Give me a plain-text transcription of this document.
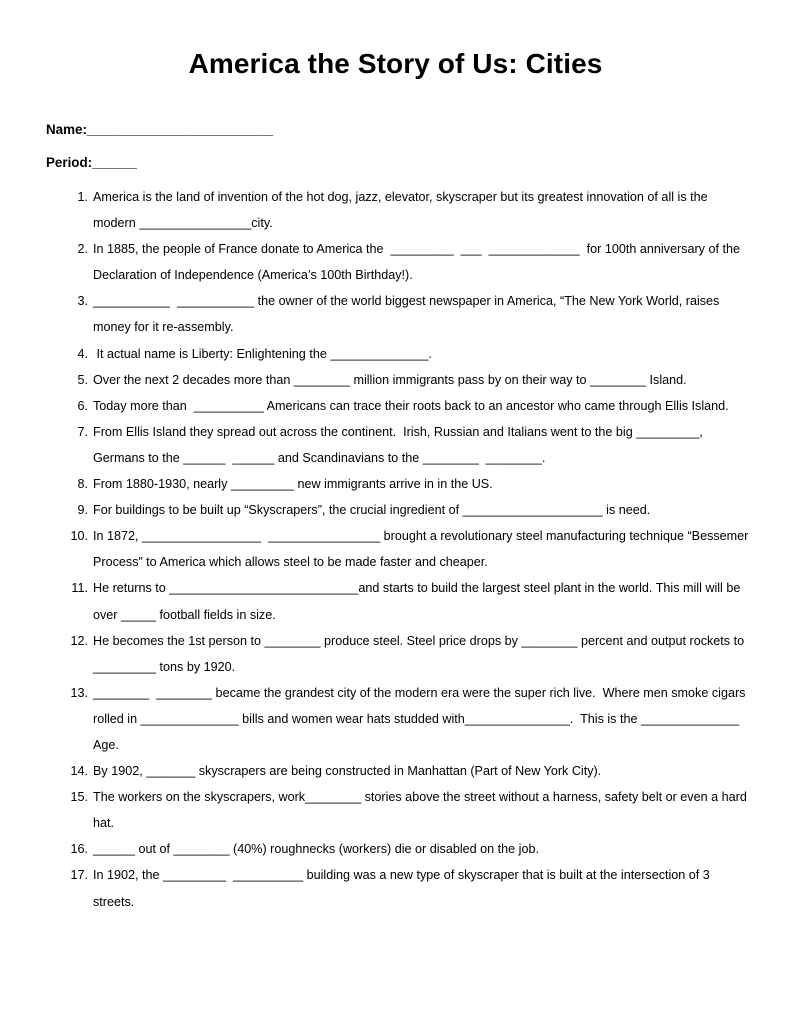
America the Story of Us: Cities
Name:_________________________
Period:______
1. America is the land of invention of the hot dog, jazz, elevator, skyscraper but its greatest innovation of all is the modern ________________city.
2. In 1885, the people of France donate to America the  _________  ___  _____________  for 100th anniversary of the Declaration of Independence (America’s 100th Birthday!).
3. ___________  ___________ the owner of the world biggest newspaper in America, “The New York World, raises money for it re-assembly.
4. It actual name is Liberty: Enlightening the ______________.
5. Over the next 2 decades more than ________ million immigrants pass by on their way to ________ Island.
6. Today more than  __________ Americans can trace their roots back to an ancestor who came through Ellis Island.
7. From Ellis Island they spread out across the continent.  Irish, Russian and Italians went to the big _________, Germans to the ______  ______ and Scandinavians to the ________  ________.
8. From 1880-1930, nearly _________ new immigrants arrive in in the US.
9. For buildings to be built up “Skyscrapers”, the crucial ingredient of ____________________ is need.
10. In 1872, _________________  ________________ brought a revolutionary steel manufacturing technique “Bessemer Process” to America which allows steel to be made faster and cheaper.
11. He returns to ___________________________and starts to build the largest steel plant in the world. This mill will be over _____ football fields in size.
12. He becomes the 1st person to ________ produce steel. Steel price drops by ________ percent and output rockets to _________ tons by 1920.
13. ________  ________ became the grandest city of the modern era were the super rich live.  Where men smoke cigars rolled in ______________ bills and women wear hats studded with_______________.  This is the ______________ Age.
14. By 1902, _______ skyscrapers are being constructed in Manhattan (Part of New York City).
15. The workers on the skyscrapers, work________ stories above the street without a harness, safety belt or even a hard hat.
16. ______ out of ________ (40%) roughnecks (workers) die or disabled on the job.
17. In 1902, the _________  __________ building was a new type of skyscraper that is built at the intersection of 3 streets.
